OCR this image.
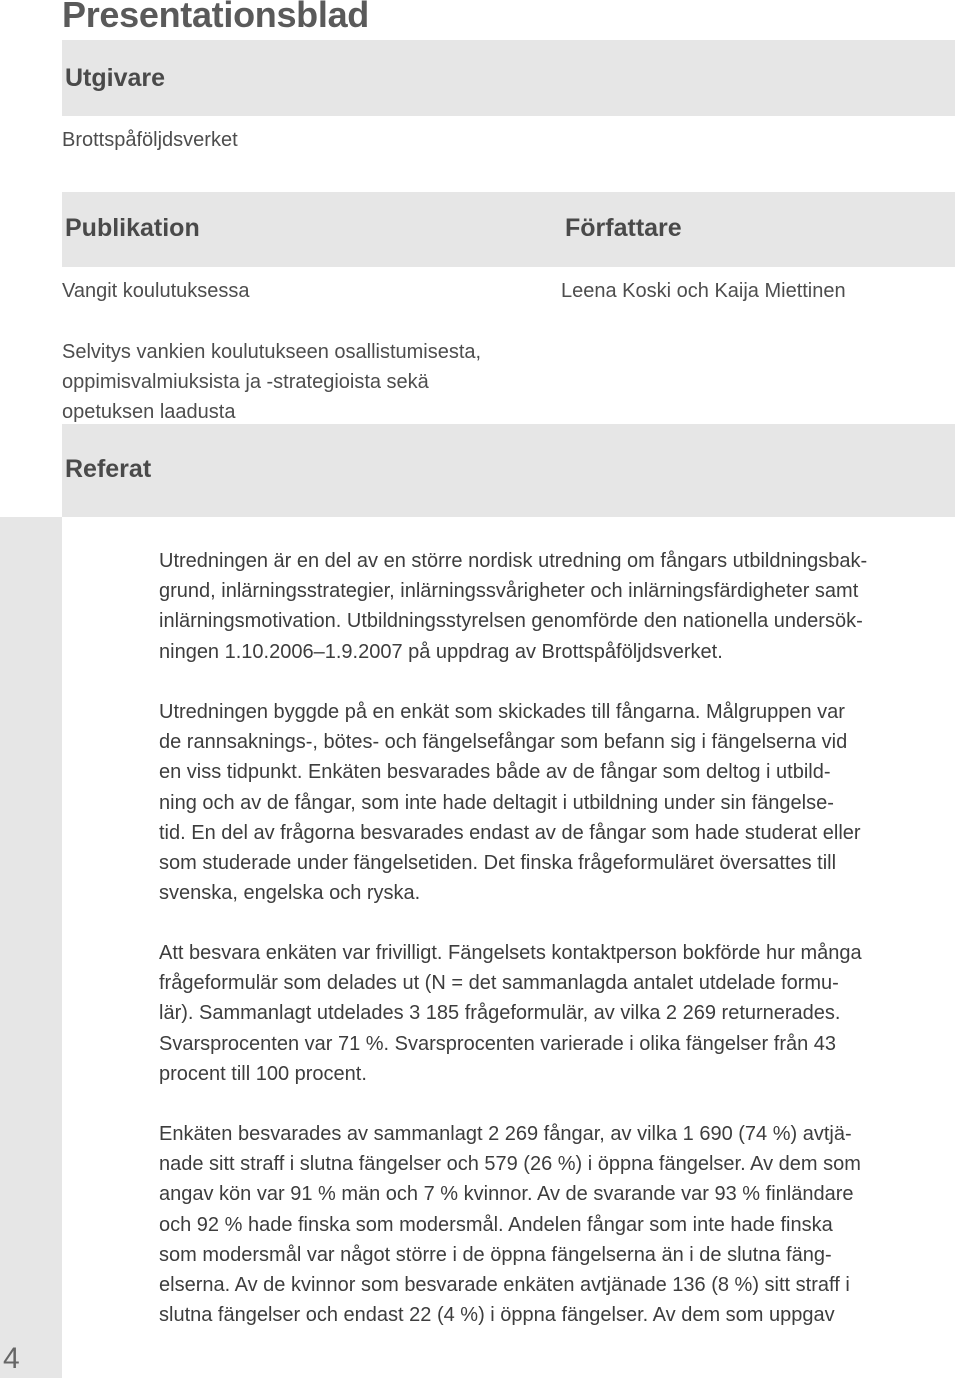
Presentationsblad
Utgivare

Brottspåföljdsverket

Publikation	Författare

Vangit koulutuksessa	Leena Koski och Kaija Miettinen

Selvitys vankien koulutukseen osallistumisesta,
oppimisvalmiuksista ja -strategioista sekä
opetuksen laadusta

Referat

Utredningen är en del av en större nordisk utredning om fångars utbildningsbak-
grund, inlärningsstrategier, inlärningssvårigheter och inlärningsfärdigheter samt
inlärningsmotivation. Utbildningsstyrelsen genomförde den nationella undersök-
ningen 1.10.2006–1.9.2007 på uppdrag av Brottspåföljdsverket.

Utredningen byggde på en enkät som skickades till fångarna. Målgruppen var
de rannsaknings-, bötes- och fängelsefångar som befann sig i fängelserna vid
en viss tidpunkt. Enkäten besvarades både av de fångar som deltog i utbild-
ning och av de fångar, som inte hade deltagit i utbildning under sin fängelse-
tid. En del av frågorna besvarades endast av de fångar som hade studerat eller
som studerade under fängelsetiden. Det finska frågeformuläret översattes till
svenska, engelska och ryska.

Att besvara enkäten var frivilligt. Fängelsets kontaktperson bokförde hur många
frågeformulär som delades ut (N = det sammanlagda antalet utdelade formu-
lär). Sammanlagt utdelades 3 185 frågeformulär, av vilka 2 269 returnerades.
Svarsprocenten var 71 %. Svarsprocenten varierade i olika fängelser från 43
procent till 100 procent.

Enkäten besvarades av sammanlagt 2 269 fångar, av vilka 1 690 (74 %) avtjä-
nade sitt straff i slutna fängelser och 579 (26 %) i öppna fängelser. Av dem som
angav kön var 91 % män och 7 % kvinnor. Av de svarande var 93 % finländare
och 92 % hade finska som modersmål. Andelen fångar som inte hade finska
som modersmål var något större i de öppna fängelserna än i de slutna fäng-
elserna. Av de kvinnor som besvarade enkäten avtjänade 136 (8 %) sitt straff i
slutna fängelser och endast 22 (4 %) i öppna fängelser. Av dem som uppgav

4
